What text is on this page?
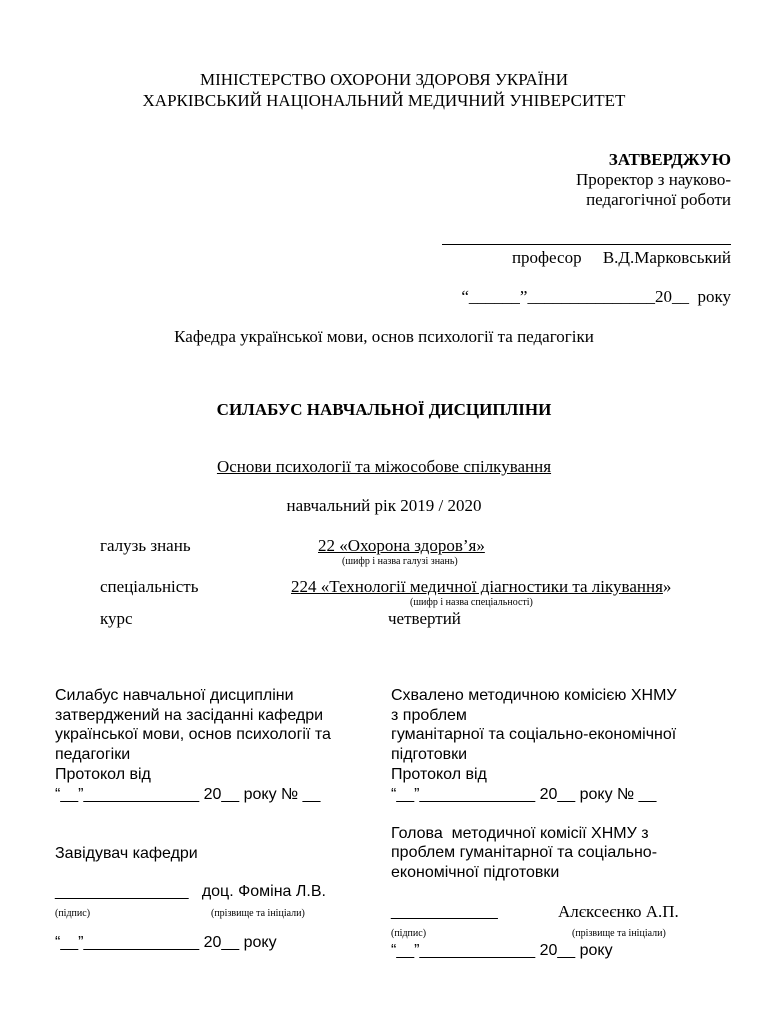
МІНІСТЕРСТВО ОХОРОНИ ЗДОРОВЯ УКРАЇНИ
ХАРКІВСЬКИЙ НАЦІОНАЛЬНИЙ МЕДИЧНИЙ УНІВЕРСИТЕТ
ЗАТВЕРДЖУЮ
Проректор з науково-
педагогічної роботи
професор     В.Д.Марковський
“______”_______________20__  року
Кафедра української мови, основ психології та педагогіки
СИЛАБУС НАВЧАЛЬНОЇ ДИСЦИПЛІНИ
Основи психології та міжособове спілкування
навчальний рік 2019 / 2020
галузь знань	22 «Охорона здоров’я»
(шифр і назва галузі знань)
спеціальність	224 «Технології медичної діагностики та лікування»
(шифр і назва спеціальності)
курс	четвертий
Силабус навчальної дисципліни
затверджений на засіданні кафедри
української мови, основ психології та
педагогіки
Протокол від
“__”_____________ 20__ року № __
Завідувач кафедри
_______________   доц. Фоміна Л.В.
(підпис)	(прізвище та ініціали)
“__”_____________ 20__ року
Схвалено методичною комісією ХНМУ
з проблем
гуманітарної та соціально-економічної
підготовки
Протокол від
“__”_____________ 20__ року № __
Голова  методичної комісії ХНМУ з
проблем гуманітарної та соціально-
економічної підготовки
____________	Алєксеєнко А.П.
(підпис)	(прізвище та ініціали)
“__”_____________ 20__ року
